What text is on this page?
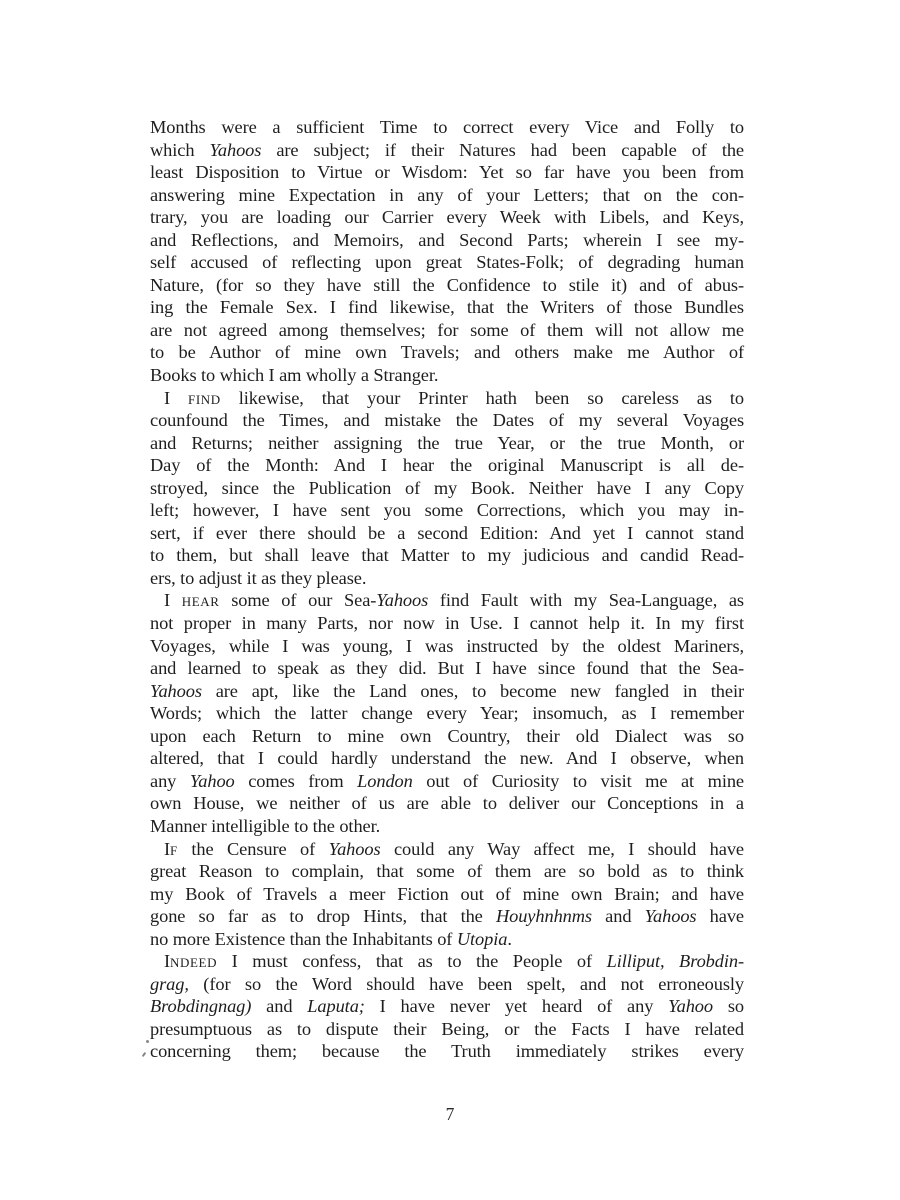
Months were a sufficient Time to correct every Vice and Folly to
which Yahoos are subject; if their Natures had been capable of the
least Disposition to Virtue or Wisdom: Yet so far have you been from
answering mine Expectation in any of your Letters; that on the con-
trary, you are loading our Carrier every Week with Libels, and Keys,
and Reflections, and Memoirs, and Second Parts; wherein I see my-
self accused of reflecting upon great States-Folk; of degrading human
Nature, (for so they have still the Confidence to stile it) and of abus-
ing the Female Sex. I find likewise, that the Writers of those Bundles
are not agreed among themselves; for some of them will not allow me
to be Author of mine own Travels; and others make me Author of
Books to which I am wholly a Stranger.
I find likewise, that your Printer hath been so careless as to
counfound the Times, and mistake the Dates of my several Voyages
and Returns; neither assigning the true Year, or the true Month, or
Day of the Month: And I hear the original Manuscript is all de-
stroyed, since the Publication of my Book. Neither have I any Copy
left; however, I have sent you some Corrections, which you may in-
sert, if ever there should be a second Edition: And yet I cannot stand
to them, but shall leave that Matter to my judicious and candid Read-
ers, to adjust it as they please.
I hear some of our Sea-Yahoos find Fault with my Sea-Language, as
not proper in many Parts, nor now in Use. I cannot help it. In my first
Voyages, while I was young, I was instructed by the oldest Mariners,
and learned to speak as they did. But I have since found that the Sea-
Yahoos are apt, like the Land ones, to become new fangled in their
Words; which the latter change every Year; insomuch, as I remember
upon each Return to mine own Country, their old Dialect was so
altered, that I could hardly understand the new. And I observe, when
any Yahoo comes from London out of Curiosity to visit me at mine
own House, we neither of us are able to deliver our Conceptions in a
Manner intelligible to the other.
If the Censure of Yahoos could any Way affect me, I should have
great Reason to complain, that some of them are so bold as to think
my Book of Travels a meer Fiction out of mine own Brain; and have
gone so far as to drop Hints, that the Houyhnhnms and Yahoos have
no more Existence than the Inhabitants of Utopia.
Indeed I must confess, that as to the People of Lilliput, Brobdin-
grag, (for so the Word should have been spelt, and not erroneously
Brobdingnag) and Laputa; I have never yet heard of any Yahoo so
presumptuous as to dispute their Being, or the Facts I have related
concerning them; because the Truth immediately strikes every
7
